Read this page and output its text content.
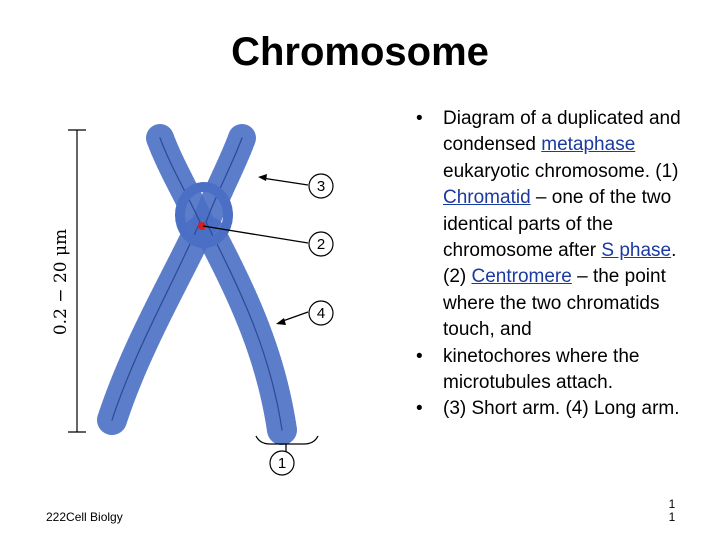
Chromosome
0.2 − 20 μm
3
2
4
1
• Diagram of a duplicated and condensed metaphase eukaryotic chromosome. (1) Chromatid – one of the two identical parts of the chromosome after S phase. (2) Centromere – the point where the two chromatids touch, and
• kinetochores where the microtubules attach.
• (3) Short arm. (4) Long arm.
222Cell Biolgy
1
1
